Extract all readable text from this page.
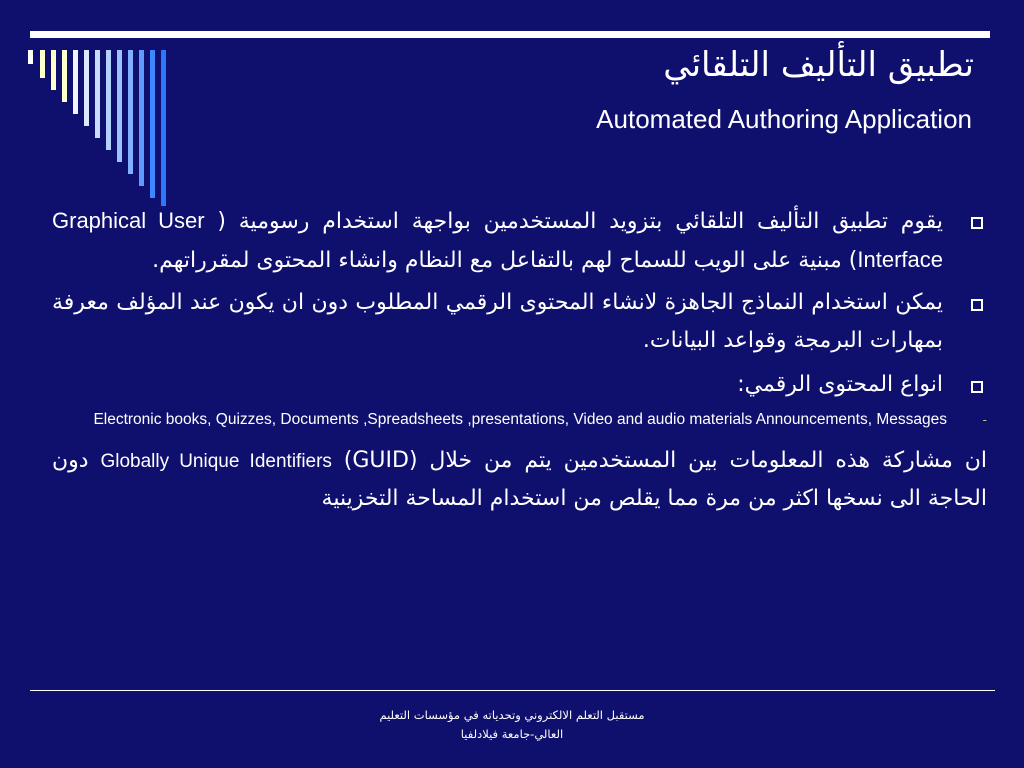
تطبيق التأليف التلقائي
Automated Authoring Application
يقوم تطبيق التأليف التلقائي بتزويد المستخدمين بواجهة استخدام رسومية ( Graphical User Interface) مبنية على الويب للسماح لهم بالتفاعل مع النظام وانشاء المحتوى لمقرراتهم.
يمكن استخدام النماذج الجاهزة لانشاء المحتوى الرقمي المطلوب دون ان يكون عند المؤلف معرفة بمهارات البرمجة وقواعد البيانات.
انواع المحتوى الرقمي:
-
Electronic books, Quizzes, Documents ,Spreadsheets ,presentations, Video and audio materials Announcements, Messages
ان مشاركة هذه المعلومات بين المستخدمين يتم من خلال Globally Unique Identifiers (GUID) دون الحاجة الى نسخها اكثر من مرة مما يقلص من استخدام المساحة التخزينية
مستقبل التعلم الالكتروني وتحدياته في مؤسسات التعليم
العالي-جامعة فيلادلفيا
